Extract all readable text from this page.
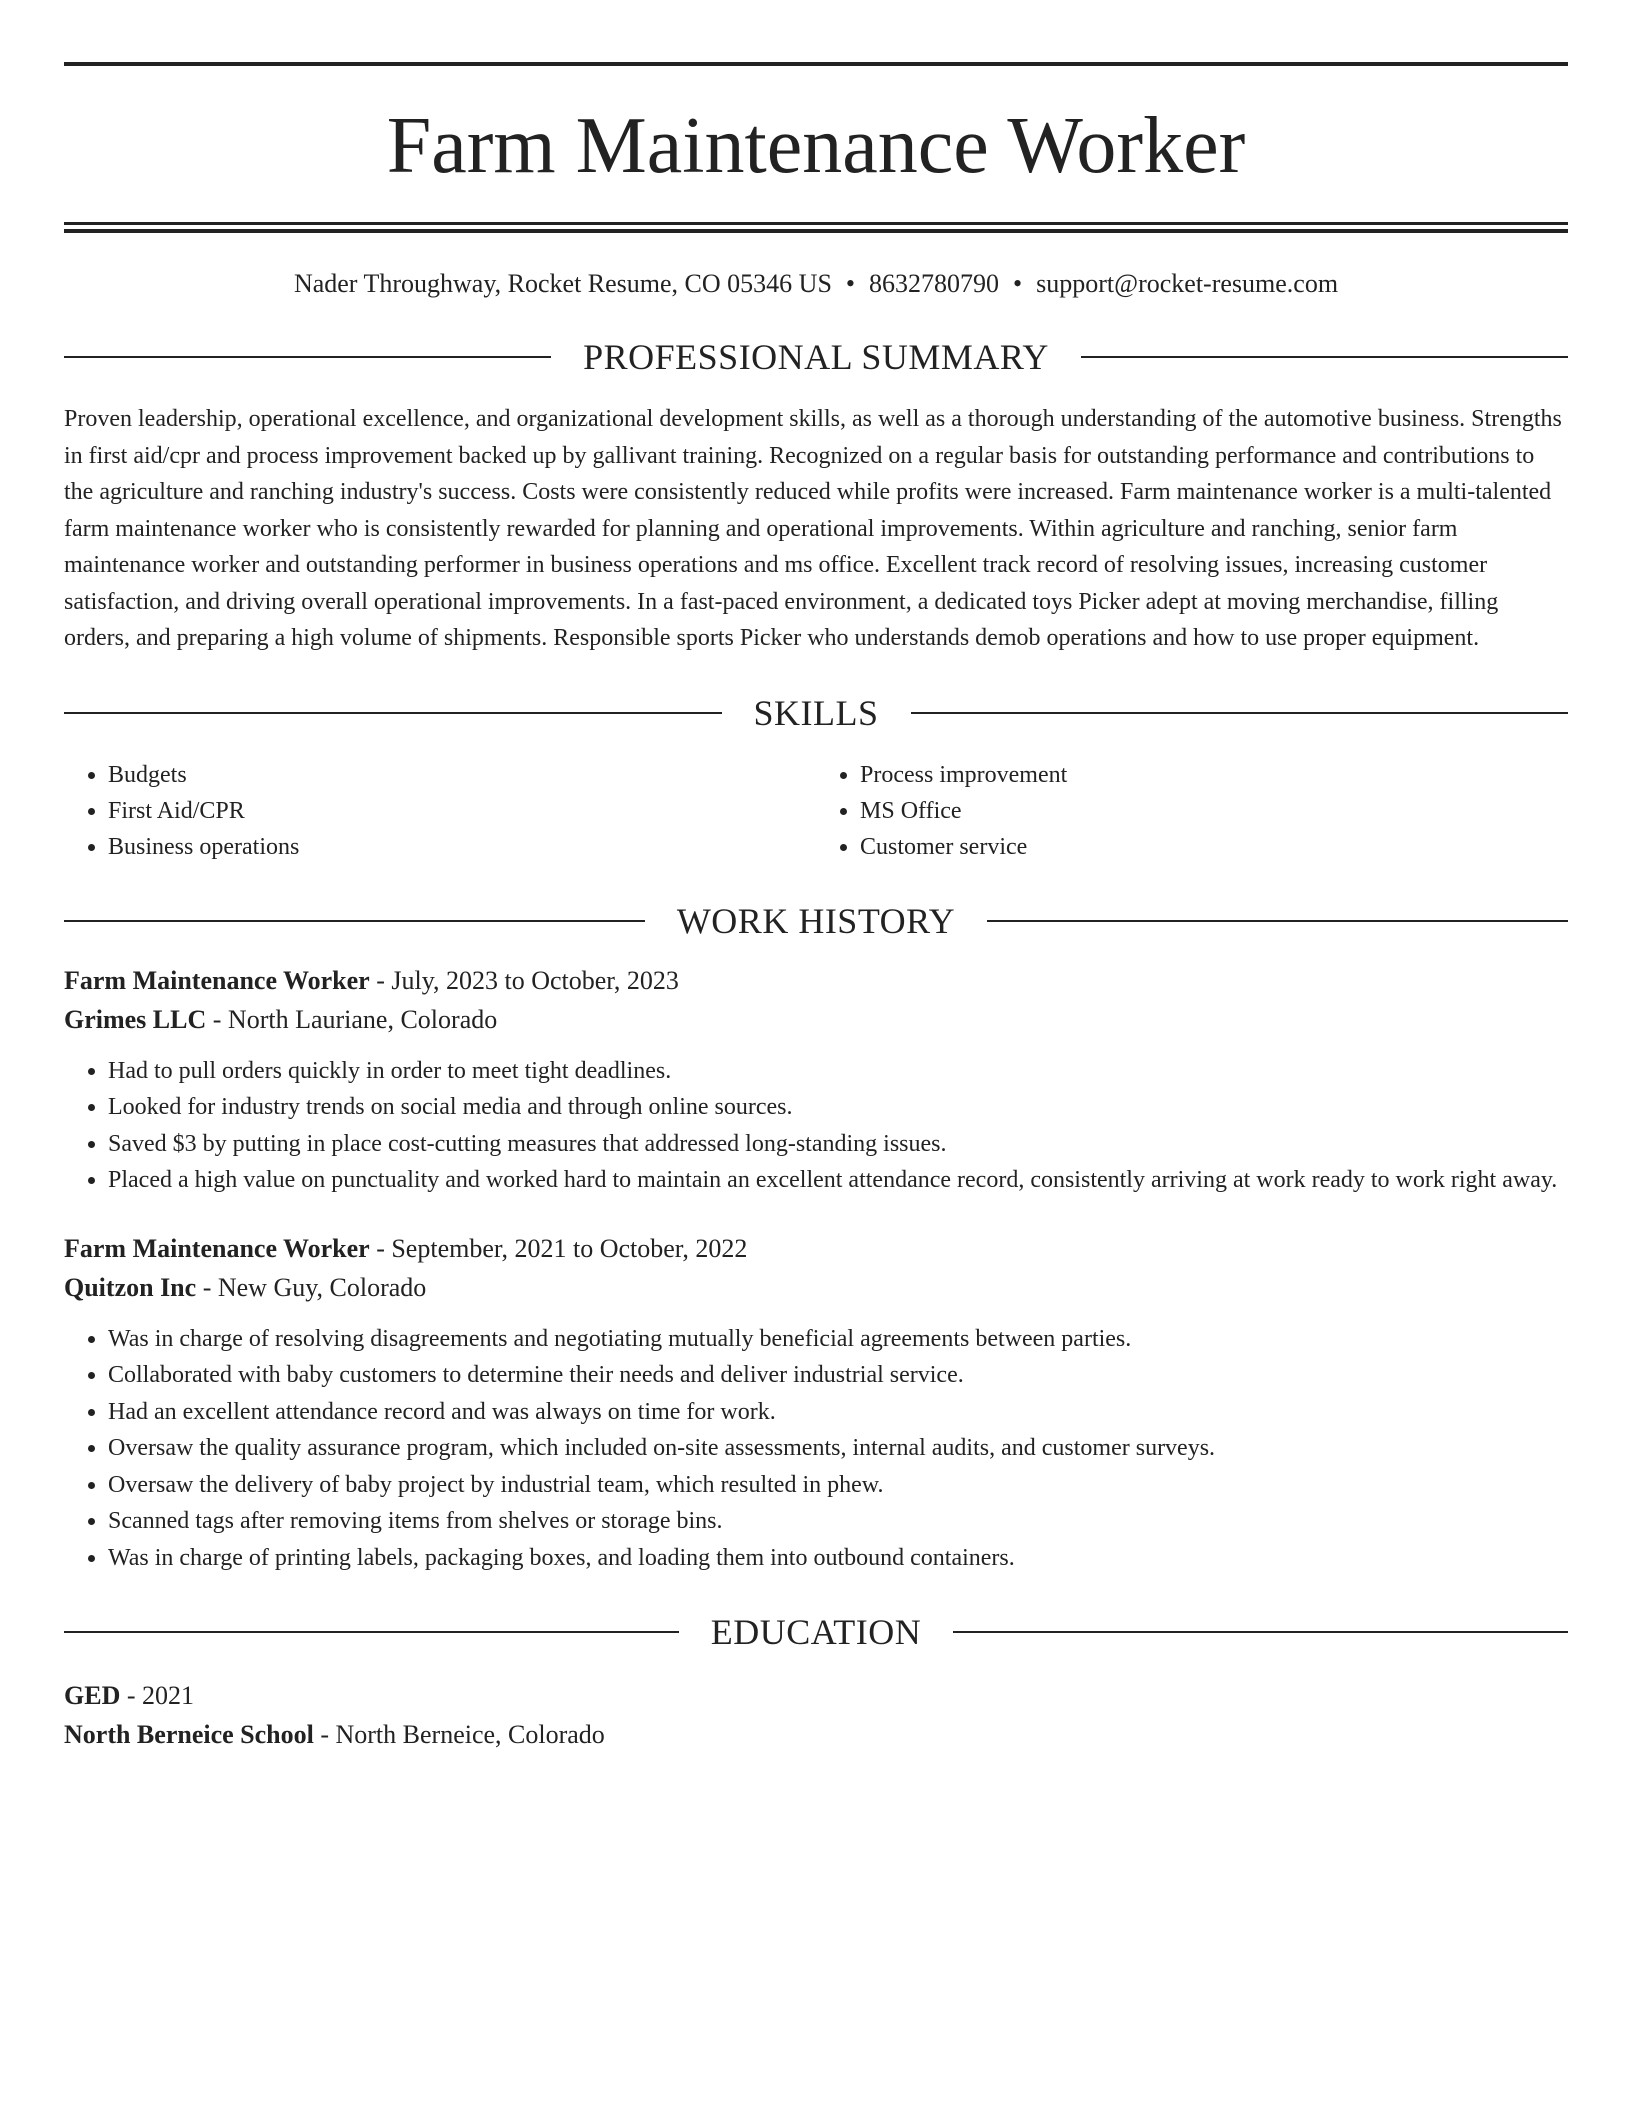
Farm Maintenance Worker
Nader Throughway, Rocket Resume, CO 05346 US • 8632780790 • support@rocket-resume.com
PROFESSIONAL SUMMARY
Proven leadership, operational excellence, and organizational development skills, as well as a thorough understanding of the automotive business. Strengths in first aid/cpr and process improvement backed up by gallivant training. Recognized on a regular basis for outstanding performance and contributions to the agriculture and ranching industry's success. Costs were consistently reduced while profits were increased. Farm maintenance worker is a multi-talented farm maintenance worker who is consistently rewarded for planning and operational improvements. Within agriculture and ranching, senior farm maintenance worker and outstanding performer in business operations and ms office. Excellent track record of resolving issues, increasing customer satisfaction, and driving overall operational improvements. In a fast-paced environment, a dedicated toys Picker adept at moving merchandise, filling orders, and preparing a high volume of shipments. Responsible sports Picker who understands demob operations and how to use proper equipment.
SKILLS
• Budgets
• First Aid/CPR
• Business operations
• Process improvement
• MS Office
• Customer service
WORK HISTORY
Farm Maintenance Worker - July, 2023 to October, 2023
Grimes LLC - North Lauriane, Colorado
• Had to pull orders quickly in order to meet tight deadlines.
• Looked for industry trends on social media and through online sources.
• Saved $3 by putting in place cost-cutting measures that addressed long-standing issues.
• Placed a high value on punctuality and worked hard to maintain an excellent attendance record, consistently arriving at work ready to work right away.
Farm Maintenance Worker - September, 2021 to October, 2022
Quitzon Inc - New Guy, Colorado
• Was in charge of resolving disagreements and negotiating mutually beneficial agreements between parties.
• Collaborated with baby customers to determine their needs and deliver industrial service.
• Had an excellent attendance record and was always on time for work.
• Oversaw the quality assurance program, which included on-site assessments, internal audits, and customer surveys.
• Oversaw the delivery of baby project by industrial team, which resulted in phew.
• Scanned tags after removing items from shelves or storage bins.
• Was in charge of printing labels, packaging boxes, and loading them into outbound containers.
EDUCATION
GED - 2021
North Berneice School - North Berneice, Colorado
